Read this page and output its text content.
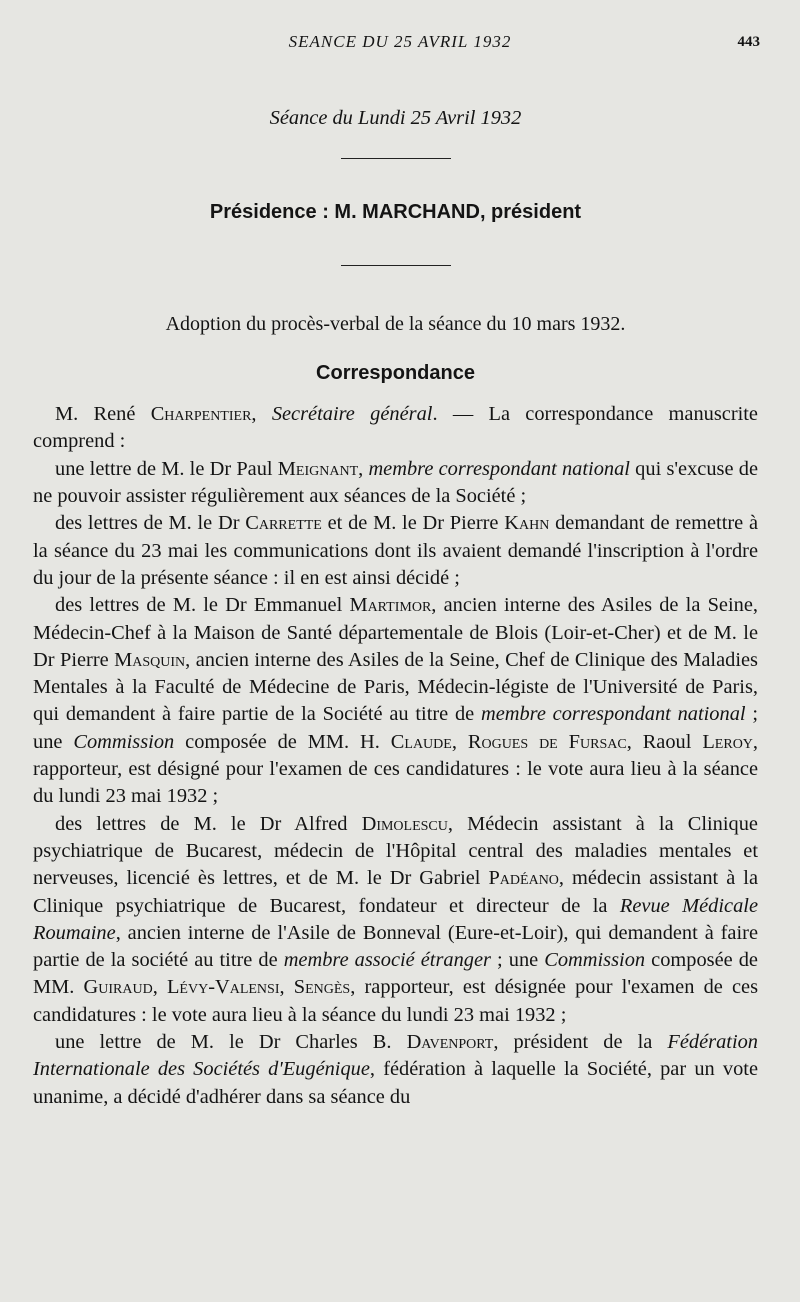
SEANCE DU 25 AVRIL 1932	443

Séance du Lundi 25 Avril 1932

Présidence : M. MARCHAND, président

Adoption du procès-verbal de la séance du 10 mars 1932.

Correspondance

M. René Charpentier, Secrétaire général. — La correspondance manuscrite comprend :

une lettre de M. le Dr Paul Meignant, membre correspondant national qui s'excuse de ne pouvoir assister régulièrement aux séances de la Société ;

des lettres de M. le Dr Carrette et de M. le Dr Pierre Kahn demandant de remettre à la séance du 23 mai les communications dont ils avaient demandé l'inscription à l'ordre du jour de la présente séance : il en est ainsi décidé ;

des lettres de M. le Dr Emmanuel Martimor, ancien interne des Asiles de la Seine, Médecin-Chef à la Maison de Santé départementale de Blois (Loir-et-Cher) et de M. le Dr Pierre Masquin, ancien interne des Asiles de la Seine, Chef de Clinique des Maladies Mentales à la Faculté de Médecine de Paris, Médecin-légiste de l'Université de Paris, qui demandent à faire partie de la Société au titre de membre correspondant national ; une Commission composée de MM. H. Claude, Rogues de Fursac, Raoul Leroy, rapporteur, est désigné pour l'examen de ces candidatures : le vote aura lieu à la séance du lundi 23 mai 1932 ;

des lettres de M. le Dr Alfred Dimolescu, Médecin assistant à la Clinique psychiatrique de Bucarest, médecin de l'Hôpital central des maladies mentales et nerveuses, licencié ès lettres, et de M. le Dr Gabriel Padéano, médecin assistant à la Clinique psychiatrique de Bucarest, fondateur et directeur de la Revue Médicale Roumaine, ancien interne de l'Asile de Bonneval (Eure-et-Loir), qui demandent à faire partie de la société au titre de membre associé étranger ; une Commission composée de MM. Guiraud, Lévy-Valensi, Sengès, rapporteur, est désignée pour l'examen de ces candidatures : le vote aura lieu à la séance du lundi 23 mai 1932 ;

une lettre de M. le Dr Charles B. Davenport, président de la Fédération Internationale des Sociétés d'Eugénique, fédération à laquelle la Société, par un vote unanime, a décidé d'adhérer dans sa séance du
